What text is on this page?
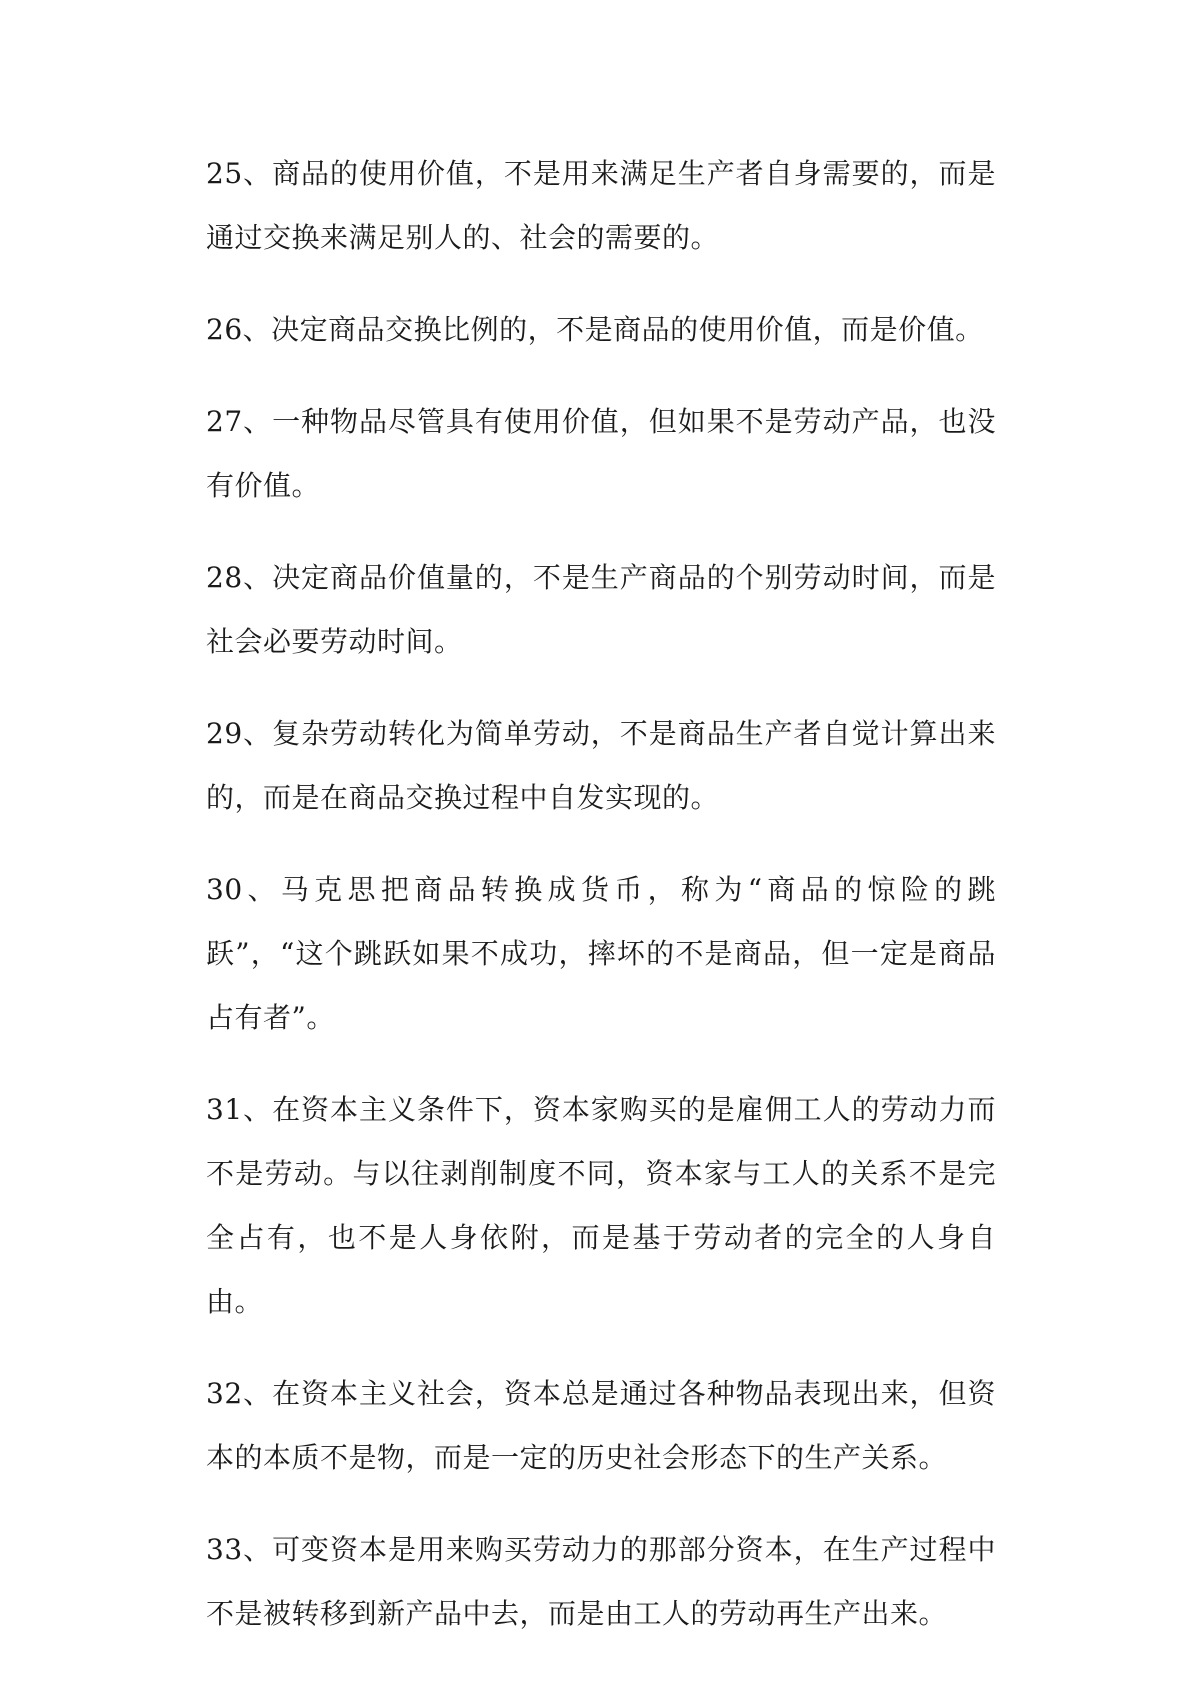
25、商品的使用价值，不是用来满足生产者自身需要的，而是通过交换来满足别人的、社会的需要的。

26、决定商品交换比例的，不是商品的使用价值，而是价值。

27、一种物品尽管具有使用价值，但如果不是劳动产品，也没有价值。

28、决定商品价值量的，不是生产商品的个别劳动时间，而是社会必要劳动时间。

29、复杂劳动转化为简单劳动，不是商品生产者自觉计算出来的，而是在商品交换过程中自发实现的。

30、马克思把商品转换成货币，称为“商品的惊险的跳跃”，“这个跳跃如果不成功，摔坏的不是商品，但一定是商品占有者”。

31、在资本主义条件下，资本家购买的是雇佣工人的劳动力而不是劳动。与以往剥削制度不同，资本家与工人的关系不是完全占有，也不是人身依附，而是基于劳动者的完全的人身自由。

32、在资本主义社会，资本总是通过各种物品表现出来，但资本的本质不是物，而是一定的历史社会形态下的生产关系。

33、可变资本是用来购买劳动力的那部分资本，在生产过程中不是被转移到新产品中去，而是由工人的劳动再生产出来。
